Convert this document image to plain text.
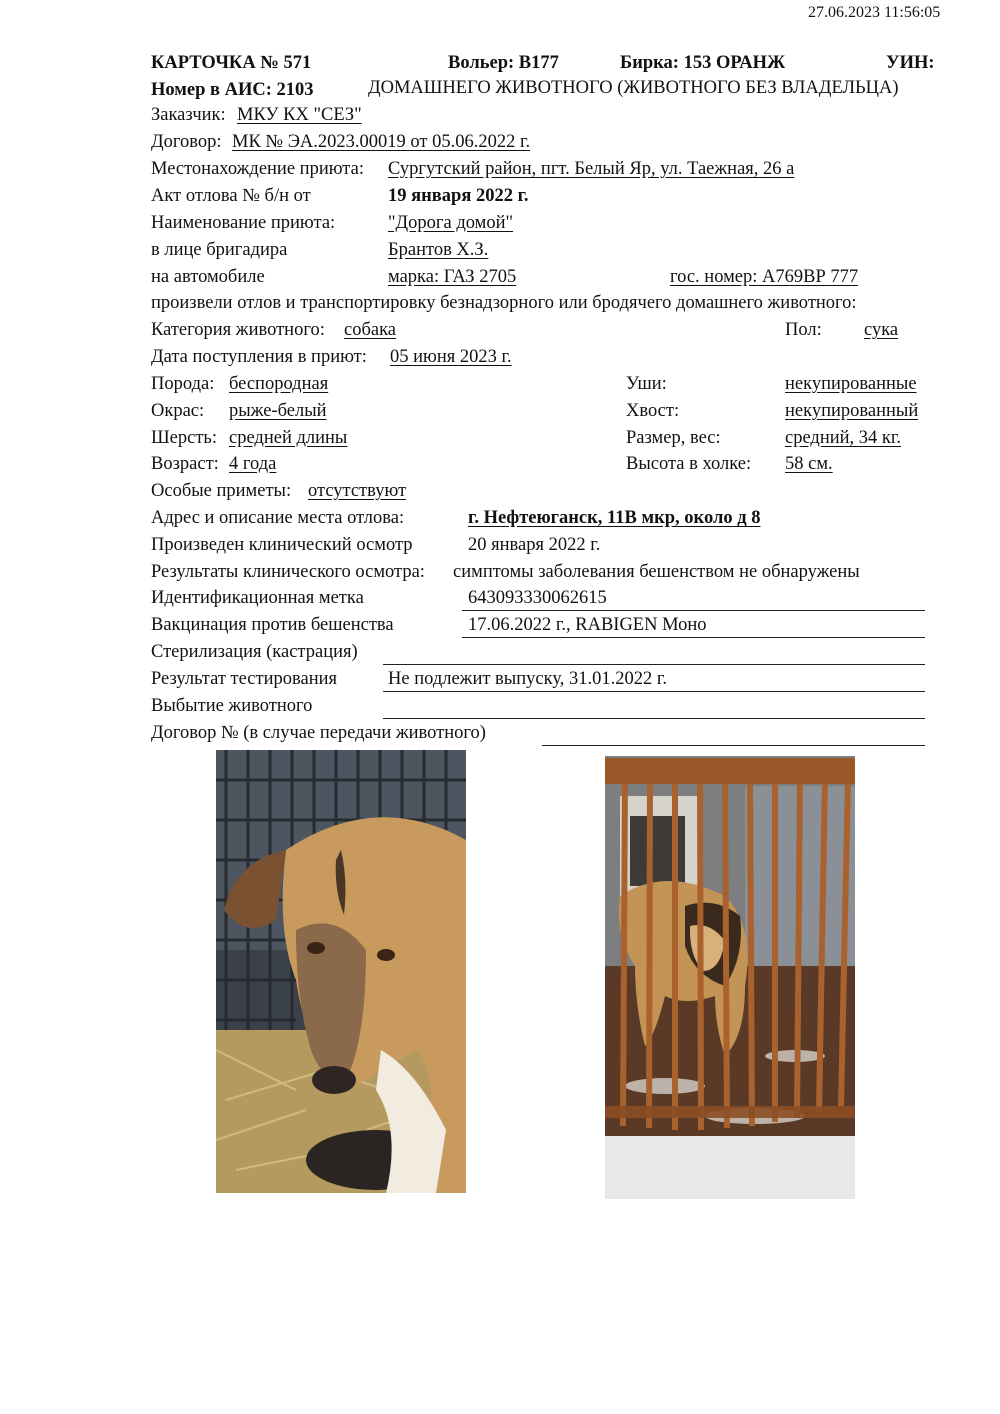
27.06.2023 11:56:05
КАРТОЧКА № 571	Вольер: В177	Бирка: 153 ОРАНЖ	УИН:
Номер в АИС: 2103	ДОМАШНЕГО ЖИВОТНОГО (ЖИВОТНОГО БЕЗ ВЛАДЕЛЬЦА)
Заказчик: МКУ КХ "СЕЗ"
Договор: МК № ЭА.2023.00019 от 05.06.2022 г.
Местонахождение приюта: Сургутский район, пгт. Белый Яр, ул. Таежная, 26 а
Акт отлова № б/н от	19 января 2022 г.
Наименование приюта:	"Дорога домой"
в лице бригадира	Брантов Х.З.
на автомобиле	марка: ГАЗ 2705	гос. номер: А769ВР 777
произвели отлов и транспортировку безнадзорного или бродячего домашнего животного:
Категория животного: собака	Пол: сука
Дата поступления в приют: 05 июня 2023 г.
Порода: беспородная	Уши:	некупированные
Окрас: рыже-белый	Хвост:	некупированный
Шерсть: средней длины	Размер, вес:	средний, 34 кг.
Возраст: 4 года	Высота в холке: 58 см.
Особые приметы: отсутствуют
Адрес и описание места отлова:	г. Нефтеюганск, 11В мкр, около д 8
Произведен клинический осмотр	20 января 2022 г.
Результаты клинического осмотра: симптомы заболевания бешенством не обнаружены
Идентификационная метка	643093330062615
Вакцинация против бешенства	17.06.2022 г., RABIGEN Моно
Стерилизация (кастрация)
Результат тестирования	Не подлежит выпуску, 31.01.2022 г.
Выбытие животного
Договор № (в случае передачи животного)
